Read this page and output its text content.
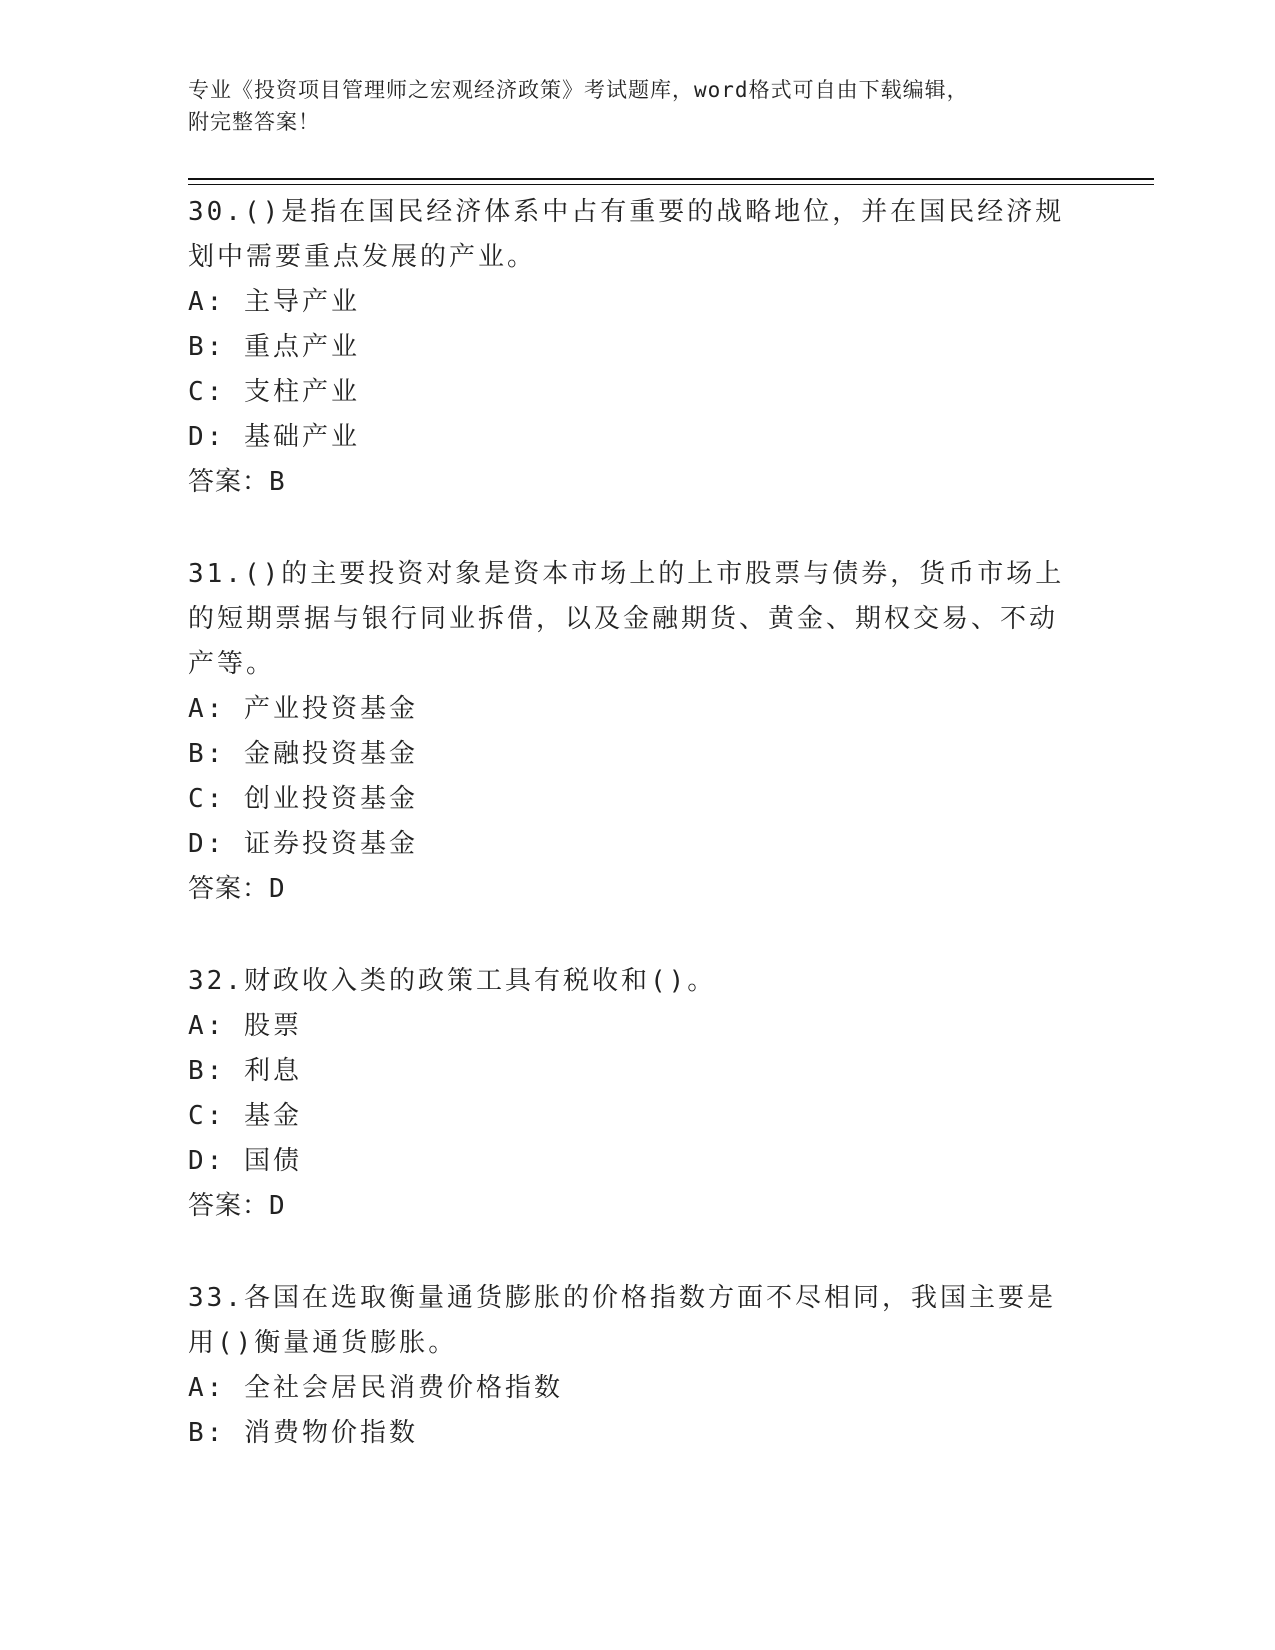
专业《投资项目管理师之宏观经济政策》考试题库，word格式可自由下载编辑，
附完整答案！
30.()是指在国民经济体系中占有重要的战略地位，并在国民经济规划中需要重点发展的产业。
A: 主导产业
B: 重点产业
C: 支柱产业
D: 基础产业
答案：B
31.()的主要投资对象是资本市场上的上市股票与债券，货币市场上的短期票据与银行同业拆借，以及金融期货、黄金、期权交易、不动产等。
A: 产业投资基金
B: 金融投资基金
C: 创业投资基金
D: 证券投资基金
答案：D
32.财政收入类的政策工具有税收和()。
A: 股票
B: 利息
C: 基金
D: 国债
答案：D
33.各国在选取衡量通货膨胀的价格指数方面不尽相同，我国主要是用()衡量通货膨胀。
A: 全社会居民消费价格指数
B: 消费物价指数
